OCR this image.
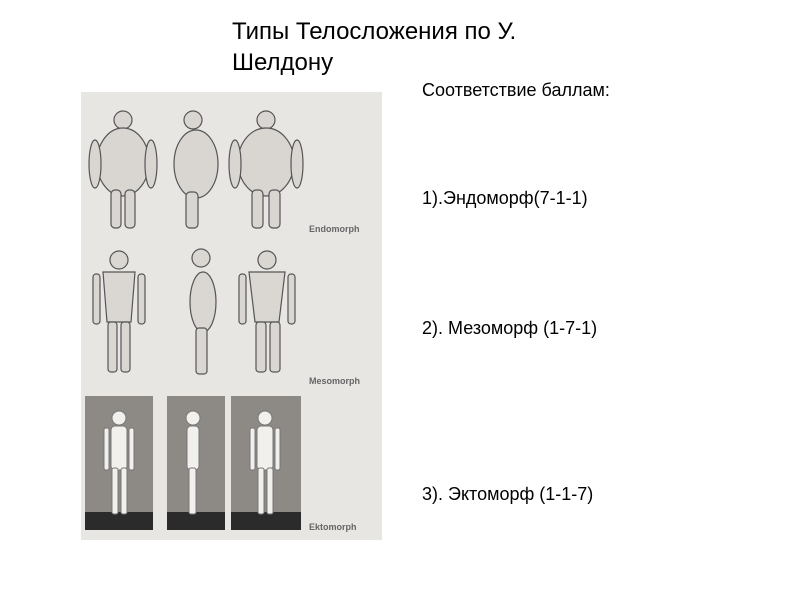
Типы Телосложения по У. Шелдону
Соответствие баллам:
1).Эндоморф(7-1-1)
2). Мезоморф (1-7-1)
3). Эктоморф (1-1-7)
Endomorph
Mesomorph
Ektomorph
